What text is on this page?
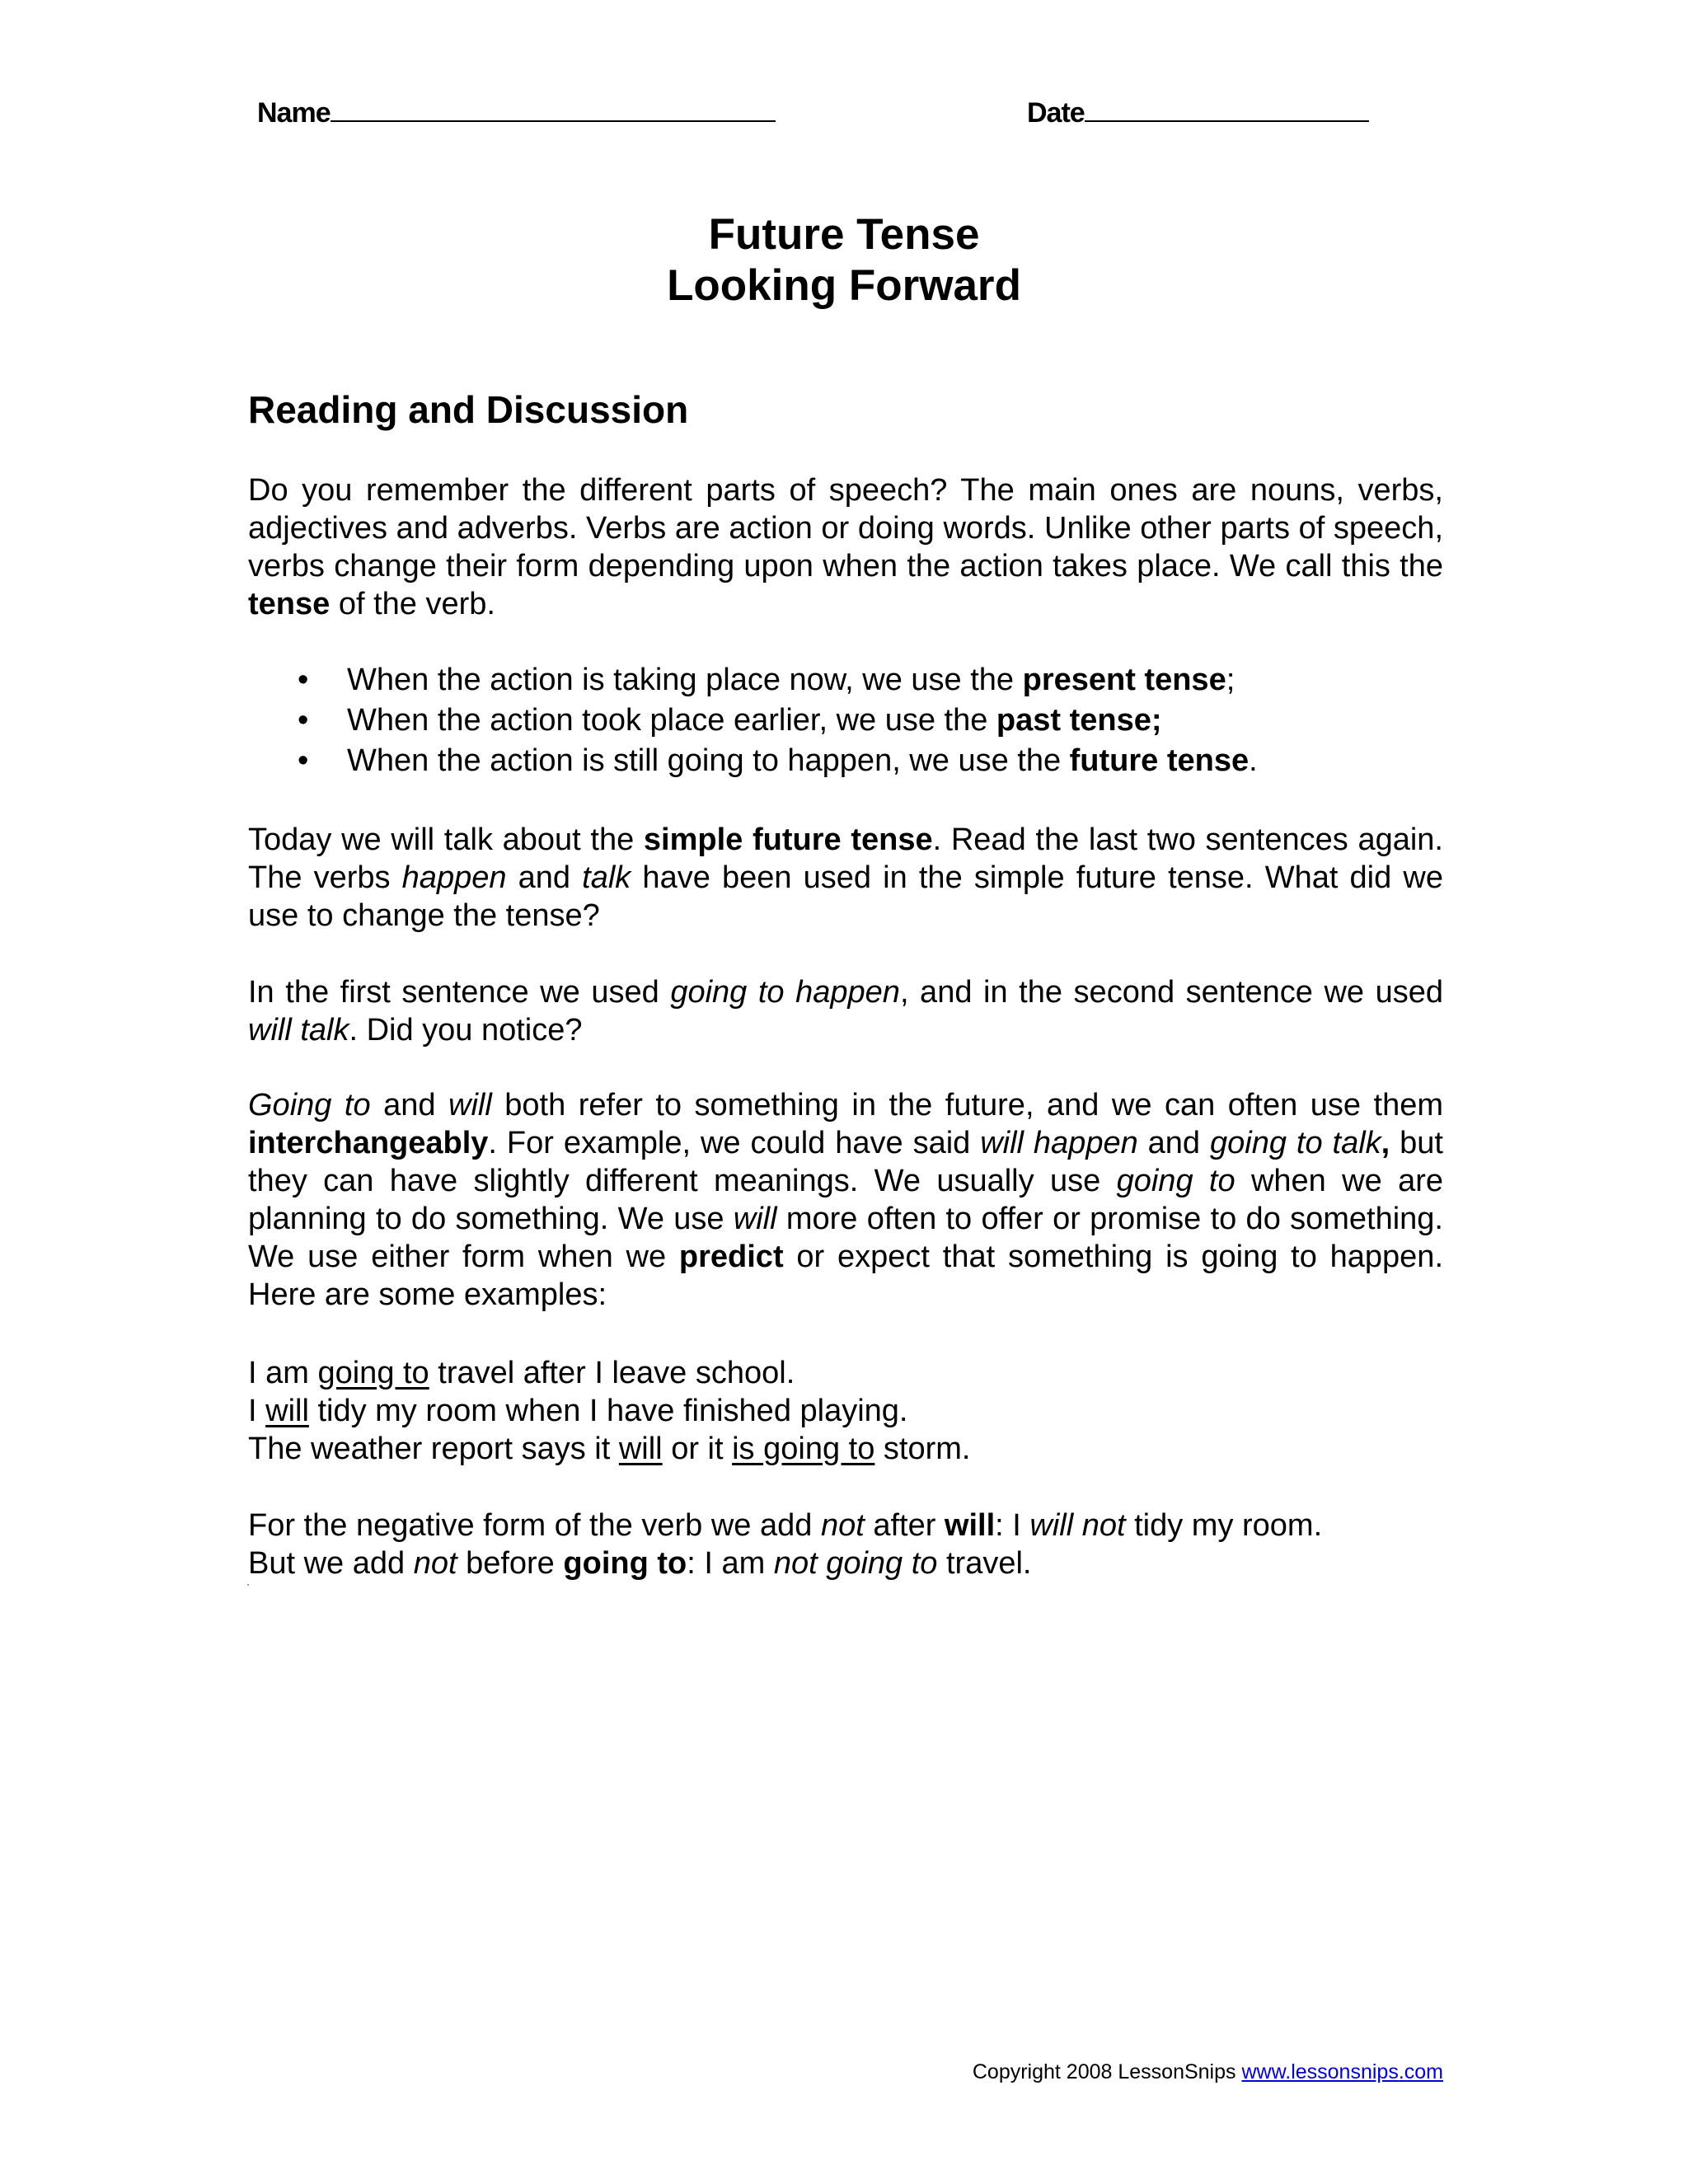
Name	Date
Future Tense
Looking Forward
Reading and Discussion
Do you remember the different parts of speech? The main ones are nouns, verbs, adjectives and adverbs. Verbs are action or doing words. Unlike other parts of speech, verbs change their form depending upon when the action takes place. We call this the tense of the verb.
• When the action is taking place now, we use the present tense;
• When the action took place earlier, we use the past tense;
• When the action is still going to happen, we use the future tense.
Today we will talk about the simple future tense. Read the last two sentences again. The verbs happen and talk have been used in the simple future tense. What did we use to change the tense?
In the first sentence we used going to happen, and in the second sentence we used will talk. Did you notice?
Going to and will both refer to something in the future, and we can often use them interchangeably. For example, we could have said will happen and going to talk, but they can have slightly different meanings. We usually use going to when we are planning to do something. We use will more often to offer or promise to do something. We use either form when we predict or expect that something is going to happen. Here are some examples:
I am going to travel after I leave school.
I will tidy my room when I have finished playing.
The weather report says it will or it is going to storm.
For the negative form of the verb we add not after will: I will not tidy my room.
But we add not before going to: I am not going to travel.
Copyright 2008 LessonSnips www.lessonsnips.com
